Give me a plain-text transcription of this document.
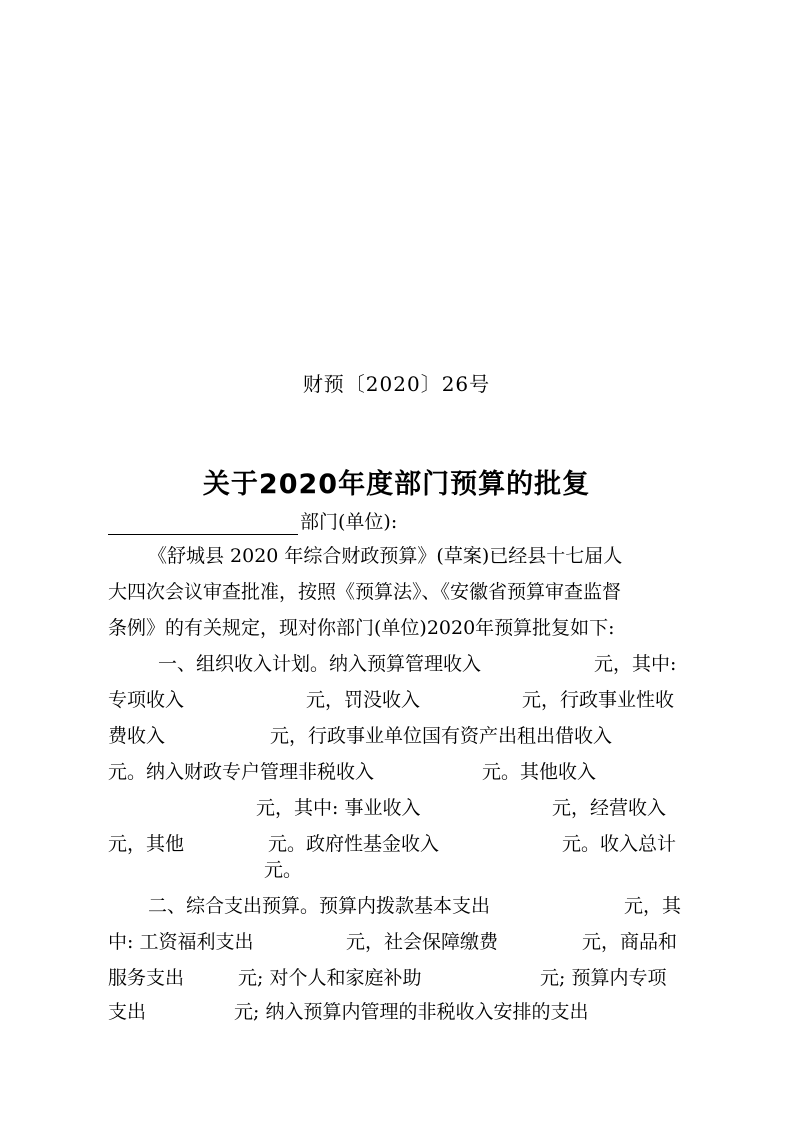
财预〔2020〕26号
关于2020年度部门预算的批复
部门(单位):
《舒城县 2020 年综合财政预算》(草案)已经县十七届人
大四次会议审查批准，按照《预算法》、《安徽省预算审查监督
条例》的有关规定，现对你部门(单位)2020年预算批复如下:
一、组织收入计划。纳入预算管理收入	元，其中:
专项收入	元，罚没收入	元，行政事业性收
费收入	元，行政事业单位国有资产出租出借收入
元。纳入财政专户管理非税收入	元。其他收入
元，其中: 事业收入	元，经营收入
元，其他	元。政府性基金收入	元。收入总计
元。
二、综合支出预算。预算内拨款基本支出	元，其
中: 工资福利支出	元，社会保障缴费	元，商品和
服务支出	元; 对个人和家庭补助	元; 预算内专项
支出	元; 纳入预算内管理的非税收入安排的支出
